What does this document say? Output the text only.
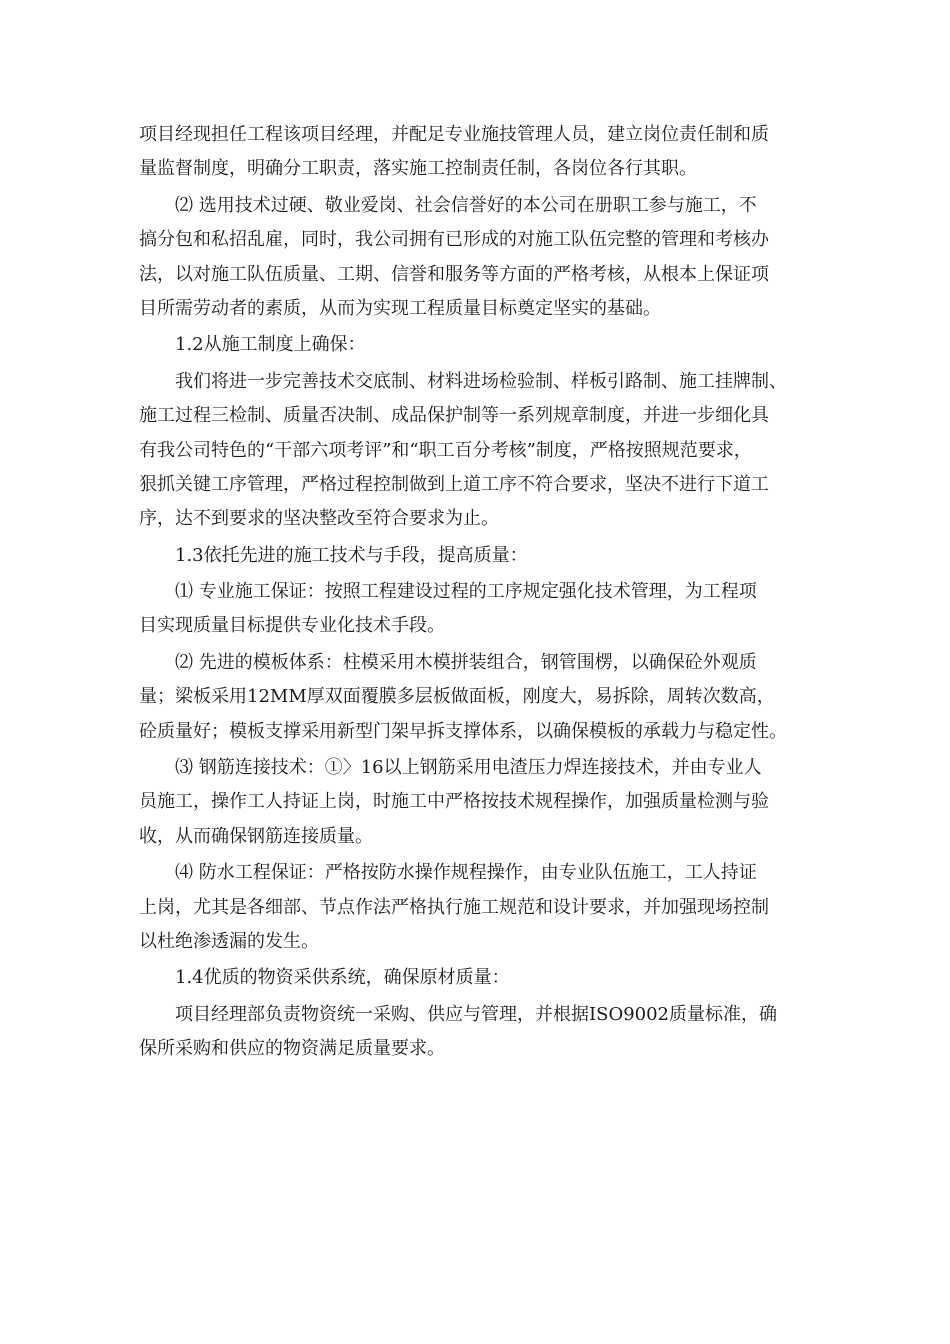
项目经现担任工程该项目经理，并配足专业施技管理人员，建立岗位责任制和质
量监督制度，明确分工职责，落实施工控制责任制，各岗位各行其职。
⑵ 选用技术过硬、敬业爱岗、社会信誉好的本公司在册职工参与施工，不
搞分包和私招乱雇，同时，我公司拥有已形成的对施工队伍完整的管理和考核办
法，以对施工队伍质量、工期、信誉和服务等方面的严格考核，从根本上保证项
目所需劳动者的素质，从而为实现工程质量目标奠定坚实的基础。
1.2从施工制度上确保：
我们将进一步完善技术交底制、材料进场检验制、样板引路制、施工挂牌制、
施工过程三检制、质量否决制、成品保护制等一系列规章制度，并进一步细化具
有我公司特色的“干部六项考评”和“职工百分考核”制度，严格按照规范要求，
狠抓关键工序管理，严格过程控制做到上道工序不符合要求，坚决不进行下道工
序，达不到要求的坚决整改至符合要求为止。
1.3依托先进的施工技术与手段，提高质量：
⑴ 专业施工保证：按照工程建设过程的工序规定强化技术管理，为工程项
目实现质量目标提供专业化技术手段。
⑵ 先进的模板体系：柱模采用木模拼装组合，钢管围楞，以确保砼外观质
量；梁板采用12MM厚双面覆膜多层板做面板，刚度大，易拆除，周转次数高，
砼质量好；模板支撑采用新型门架早拆支撑体系，以确保模板的承载力与稳定性。
⑶ 钢筋连接技术：①〉16以上钢筋采用电渣压力焊连接技术，并由专业人
员施工，操作工人持证上岗，时施工中严格按技术规程操作，加强质量检测与验
收，从而确保钢筋连接质量。
⑷ 防水工程保证：严格按防水操作规程操作，由专业队伍施工，工人持证
上岗，尤其是各细部、节点作法严格执行施工规范和设计要求，并加强现场控制
以杜绝渗透漏的发生。
1.4优质的物资采供系统，确保原材质量：
项目经理部负责物资统一采购、供应与管理，并根据ISO9002质量标准，确
保所采购和供应的物资满足质量要求。
